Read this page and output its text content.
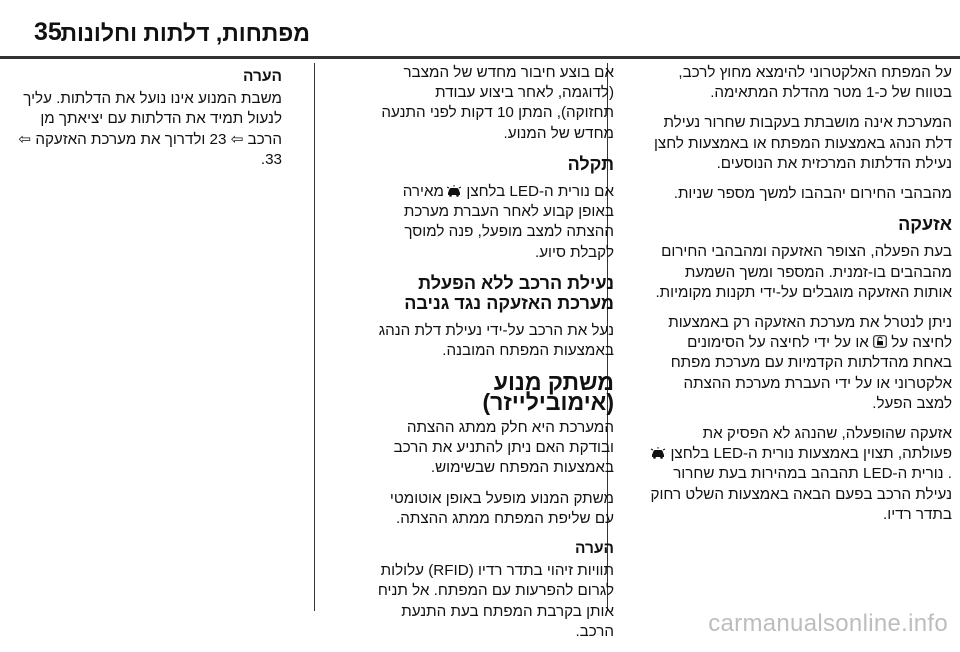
35
מפתחות, דלתות וחלונות

על המפתח האלקטרוני להימצא מחוץ לרכב, בטווח של כ-1 מטר מהדלת המתאימה.

המערכת אינה מושבתת בעקבות שחרור נעילת דלת הנהג באמצעות המפתח או באמצעות לחצן נעילת הדלתות המרכזית את הנוסעים.

מהבהבי החירום יהבהבו למשך מספר שניות.

אזעקה

בעת הפעלה, הצופר האזעקה ומהבהבי החירום מהבהבים בו-זמנית. המספר ומשך השמעת אותות האזעקה מוגבלים על-ידי תקנות מקומיות.

ניתן לנטרל את מערכת האזעקה רק באמצעות לחיצה על  או על ידי לחיצה על הסימונים באחת מהדלתות הקדמיות עם מערכת מפתח אלקטרוני או על ידי העברת מערכת ההצתה למצב הפעל.

אזעקה שהופעלה, שהנהג לא הפסיק את פעולתה, תצוין באמצעות נורית ה-LED בלחצן  . נורית ה-LED תהבהב במהירות בעת שחרור נעילת הרכב בפעם הבאה באמצעות השלט רחוק בתדר רדיו.

אם בוצע חיבור מחדש של המצבר (לדוגמה, לאחר ביצוע עבודת תחזוקה), המתן 10 דקות לפני התנעה מחדש של המנוע.

תקלה

אם נורית ה-LED בלחצן  מאירה באופן קבוע לאחר העברת מערכת ההצתה למצב מופעל, פנה למוסך לקבלת סיוע.

נעילת הרכב ללא הפעלת מערכת האזעקה נגד גניבה

נעל את הרכב על-ידי נעילת דלת הנהג באמצעות המפתח המובנה.

משתק מנוע (אימובילייזר)

המערכת היא חלק ממתג ההצתה ובודקת האם ניתן להתניע את הרכב באמצעות המפתח שבשימוש.

משתק המנוע מופעל באופן אוטומטי עם שליפת המפתח ממתג ההצתה.

הערה

תוויות זיהוי בתדר רדיו (RFID) עלולות לגרום להפרעות עם המפתח. אל תניח אותן בקרבת המפתח בעת התנעת הרכב.

הערה

משבת המנוע אינו נועל את הדלתות. עליך לנעול תמיד את הדלתות עם יציאתך מן הרכב ⇦ 23 ולדרוך את מערכת האזעקה ⇦ 33.

carmanualsonline.info
